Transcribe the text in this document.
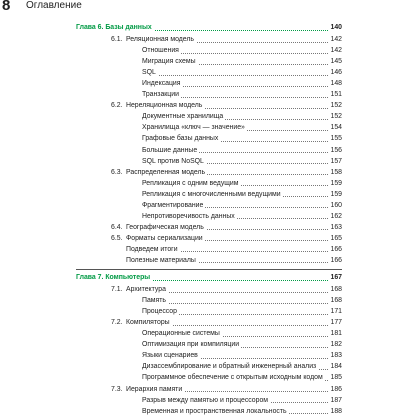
8 Оглавление
Глава 6. Базы данных	140
6.1. Реляционная модель	142
Отношения	142
Миграция схемы	145
SQL	146
Индексация	148
Транзакции	151
6.2. Нереляционная модель	152
Документные хранилища	152
Хранилища «ключ — значение»	154
Графовые базы данных	155
Большие данные	156
SQL против NoSQL	157
6.3. Распределенная модель	158
Репликация с одним ведущим	159
Репликация с многочисленными ведущими	159
Фрагментирование	160
Непротиворечивость данных	162
6.4. Географическая модель	163
6.5. Форматы сериализации	165
Подведем итоги	166
Полезные материалы	166
Глава 7. Компьютеры	167
7.1. Архитектура	168
Память	168
Процессор	171
7.2. Компиляторы	177
Операционные системы	181
Оптимизация при компиляции	182
Языки сценариев	183
Дизассемблирование и обратный инженерный анализ 184
Программное обеспечение с открытым исходным кодом 185
7.3. Иерархия памяти	186
Разрыв между памятью и процессором	187
Временная и пространственная локальность	188
